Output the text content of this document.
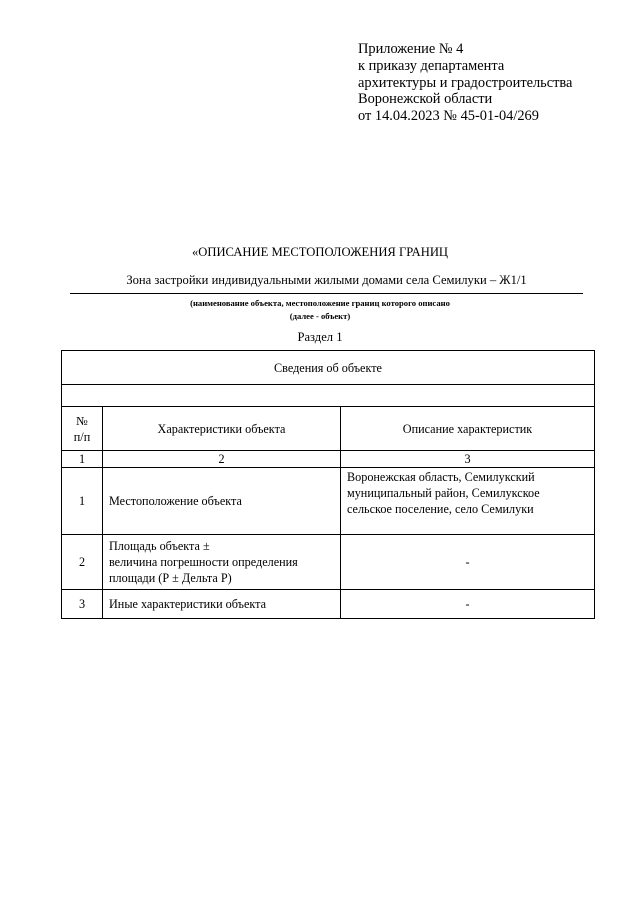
Приложение № 4
к приказу департамента
архитектуры и градостроительства
Воронежской области
от 14.04.2023 № 45-01-04/269
«ОПИСАНИЕ МЕСТОПОЛОЖЕНИЯ ГРАНИЦ
Зона застройки индивидуальными жилыми домами села Семилуки – Ж1/1
(наименование объекта, местоположение границ которого описано
(далее - объект)
Раздел 1
Сведения об объекте		

№
п/п	Характеристики объекта	Описание характеристик
1	2	3
1	Местоположение объекта	Воронежская область, Семилукский
муниципальный район, Семилукское
сельское поселение, село Семилуки

2	Площадь объекта ±
величина погрешности определения
площади (Р ± Дельта Р)	-
3	Иные характеристики объекта	-
